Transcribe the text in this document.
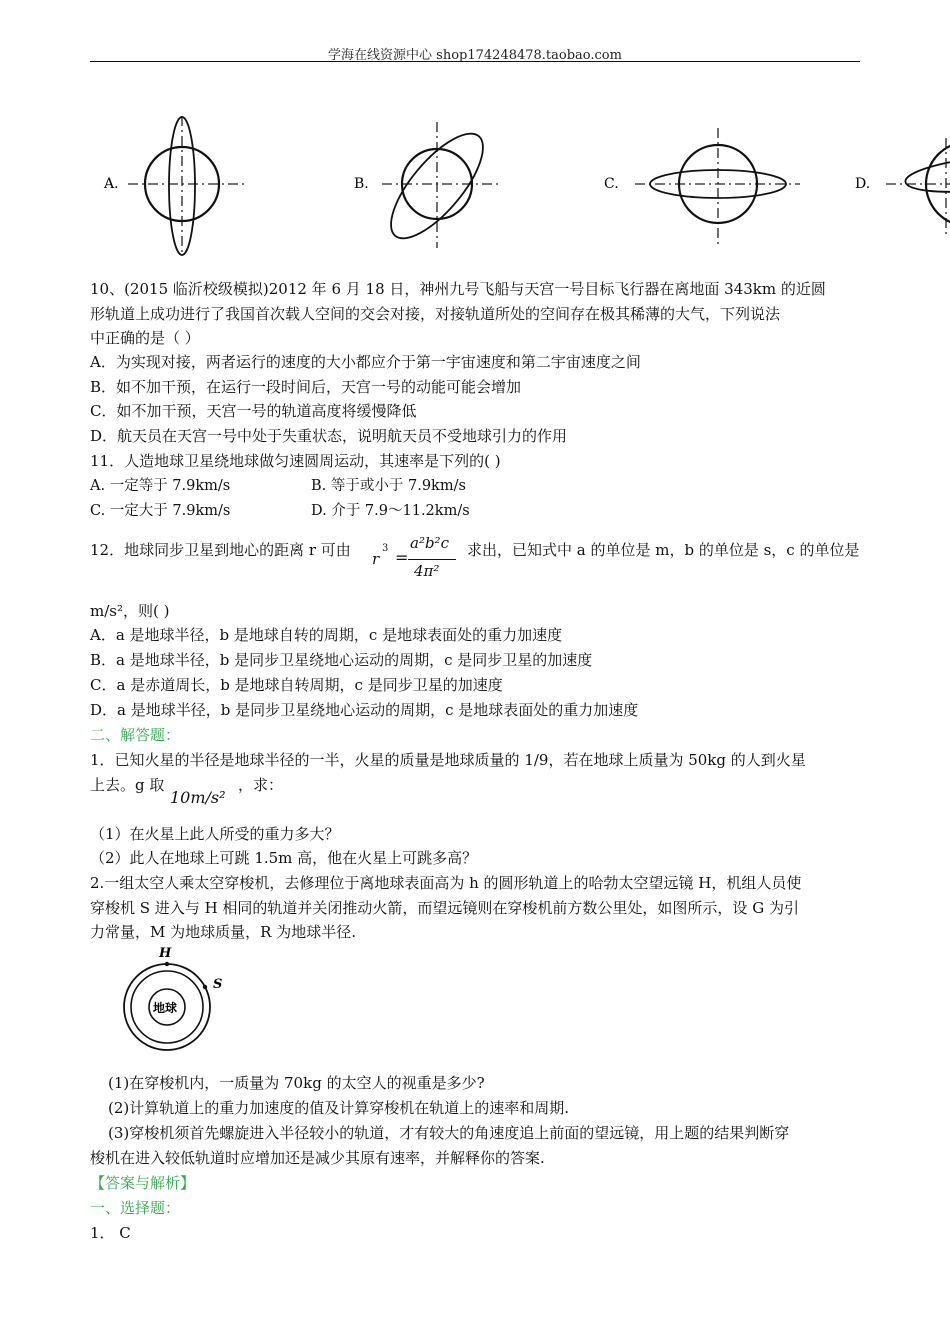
学海在线资源中心 shop174248478.taobao.com
A.	B.	C.	D.
10、(2015 临沂校级模拟)2012 年 6 月 18 日，神州九号飞船与天宫一号目标飞行器在离地面 343km 的近圆
形轨道上成功进行了我国首次载人空间的交会对接，对接轨道所处的空间存在极其稀薄的大气，下列说法
中正确的是（ ）
A．为实现对接，两者运行的速度的大小都应介于第一宇宙速度和第二宇宙速度之间
B．如不加干预，在运行一段时间后，天宫一号的动能可能会增加
C．如不加干预，天宫一号的轨道高度将缓慢降低
D．航天员在天宫一号中处于失重状态，说明航天员不受地球引力的作用
11．人造地球卫星绕地球做匀速圆周运动，其速率是下列的( )
A. 一定等于 7.9km/s	B. 等于或小于 7.9km/s
C. 一定大于 7.9km/s	D. 介于 7.9～11.2km/s
12．地球同步卫星到地心的距离 r 可由 r
3 =
a²b²c
4π²
求出，已知式中 a 的单位是 m，b 的单位是 s，c 的单位是
m/s²，则( )
A．a 是地球半径，b 是地球自转的周期，c 是地球表面处的重力加速度
B．a 是地球半径，b 是同步卫星绕地心运动的周期，c 是同步卫星的加速度
C．a 是赤道周长，b 是地球自转周期，c 是同步卫星的加速度
D．a 是地球半径，b 是同步卫星绕地心运动的周期，c 是地球表面处的重力加速度
二、解答题：
1．已知火星的半径是地球半径的一半，火星的质量是地球质量的 1/9，若在地球上质量为 50kg 的人到火星
上去。g 取
10m/s²
，求：
（1）在火星上此人所受的重力多大？
（2）此人在地球上可跳 1.5m 高，他在火星上可跳多高？
2.一组太空人乘太空穿梭机，去修理位于离地球表面高为 h 的圆形轨道上的哈勃太空望远镜 H，机组人员使
穿梭机 S 进入与 H 相同的轨道并关闭推动火箭，而望远镜则在穿梭机前方数公里处，如图所示，设 G 为引
力常量，M 为地球质量，R 为地球半径.
H
S
地球
(1)在穿梭机内，一质量为 70kg 的太空人的视重是多少?
(2)计算轨道上的重力加速度的值及计算穿梭机在轨道上的速率和周期.
(3)穿梭机须首先螺旋进入半径较小的轨道，才有较大的角速度追上前面的望远镜，用上题的结果判断穿
梭机在进入较低轨道时应增加还是减少其原有速率，并解释你的答案.
【答案与解析】
一、选择题：
1． C
